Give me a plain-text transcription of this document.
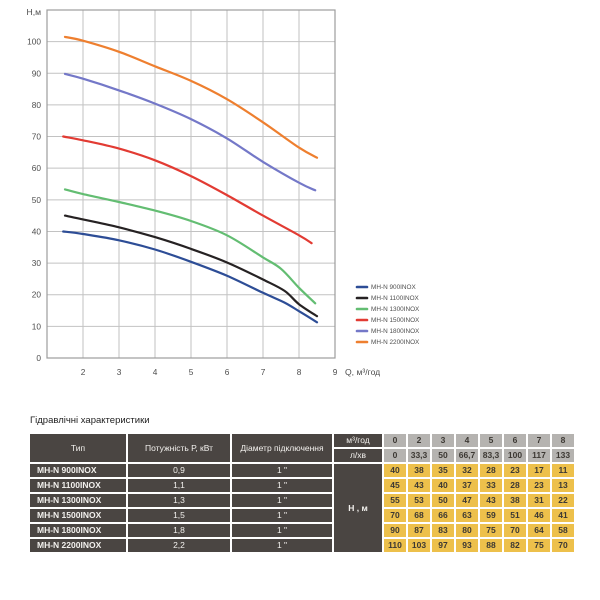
0
10
20
30
40
50
60
70
80
90
100
2	3	4	5	6	7	8	9
MH-N 900INOX
MH-N 1100INOX
MH-N 1300INOX
MH-N 1500INOX
MH-N 1800INOX
MH-N 2200INOX
Н,м
Q, м³/год
Гідравлічні характеристики
Тип	Потужність Р, кВт	Діаметр підключення	м³/год	0	2	3	4	5	6	7	8
			л/хв	0	33,3	50	66,7	83,3	100	117	133
MH-N 900INOX	0,9	1 "	Н , м	40	38	35	32	28	23	17	11
MH-N 1100INOX	1,1	1 "		45	43	40	37	33	28	23	13
MH-N 1300INOX	1,3	1 "		55	53	50	47	43	38	31	22
MH-N 1500INOX	1,5	1 "		70	68	66	63	59	51	46	41
MH-N 1800INOX	1,8	1 "		90	87	83	80	75	70	64	58
MH-N 2200INOX	2,2	1 "		110	103	97	93	88	82	75	70
